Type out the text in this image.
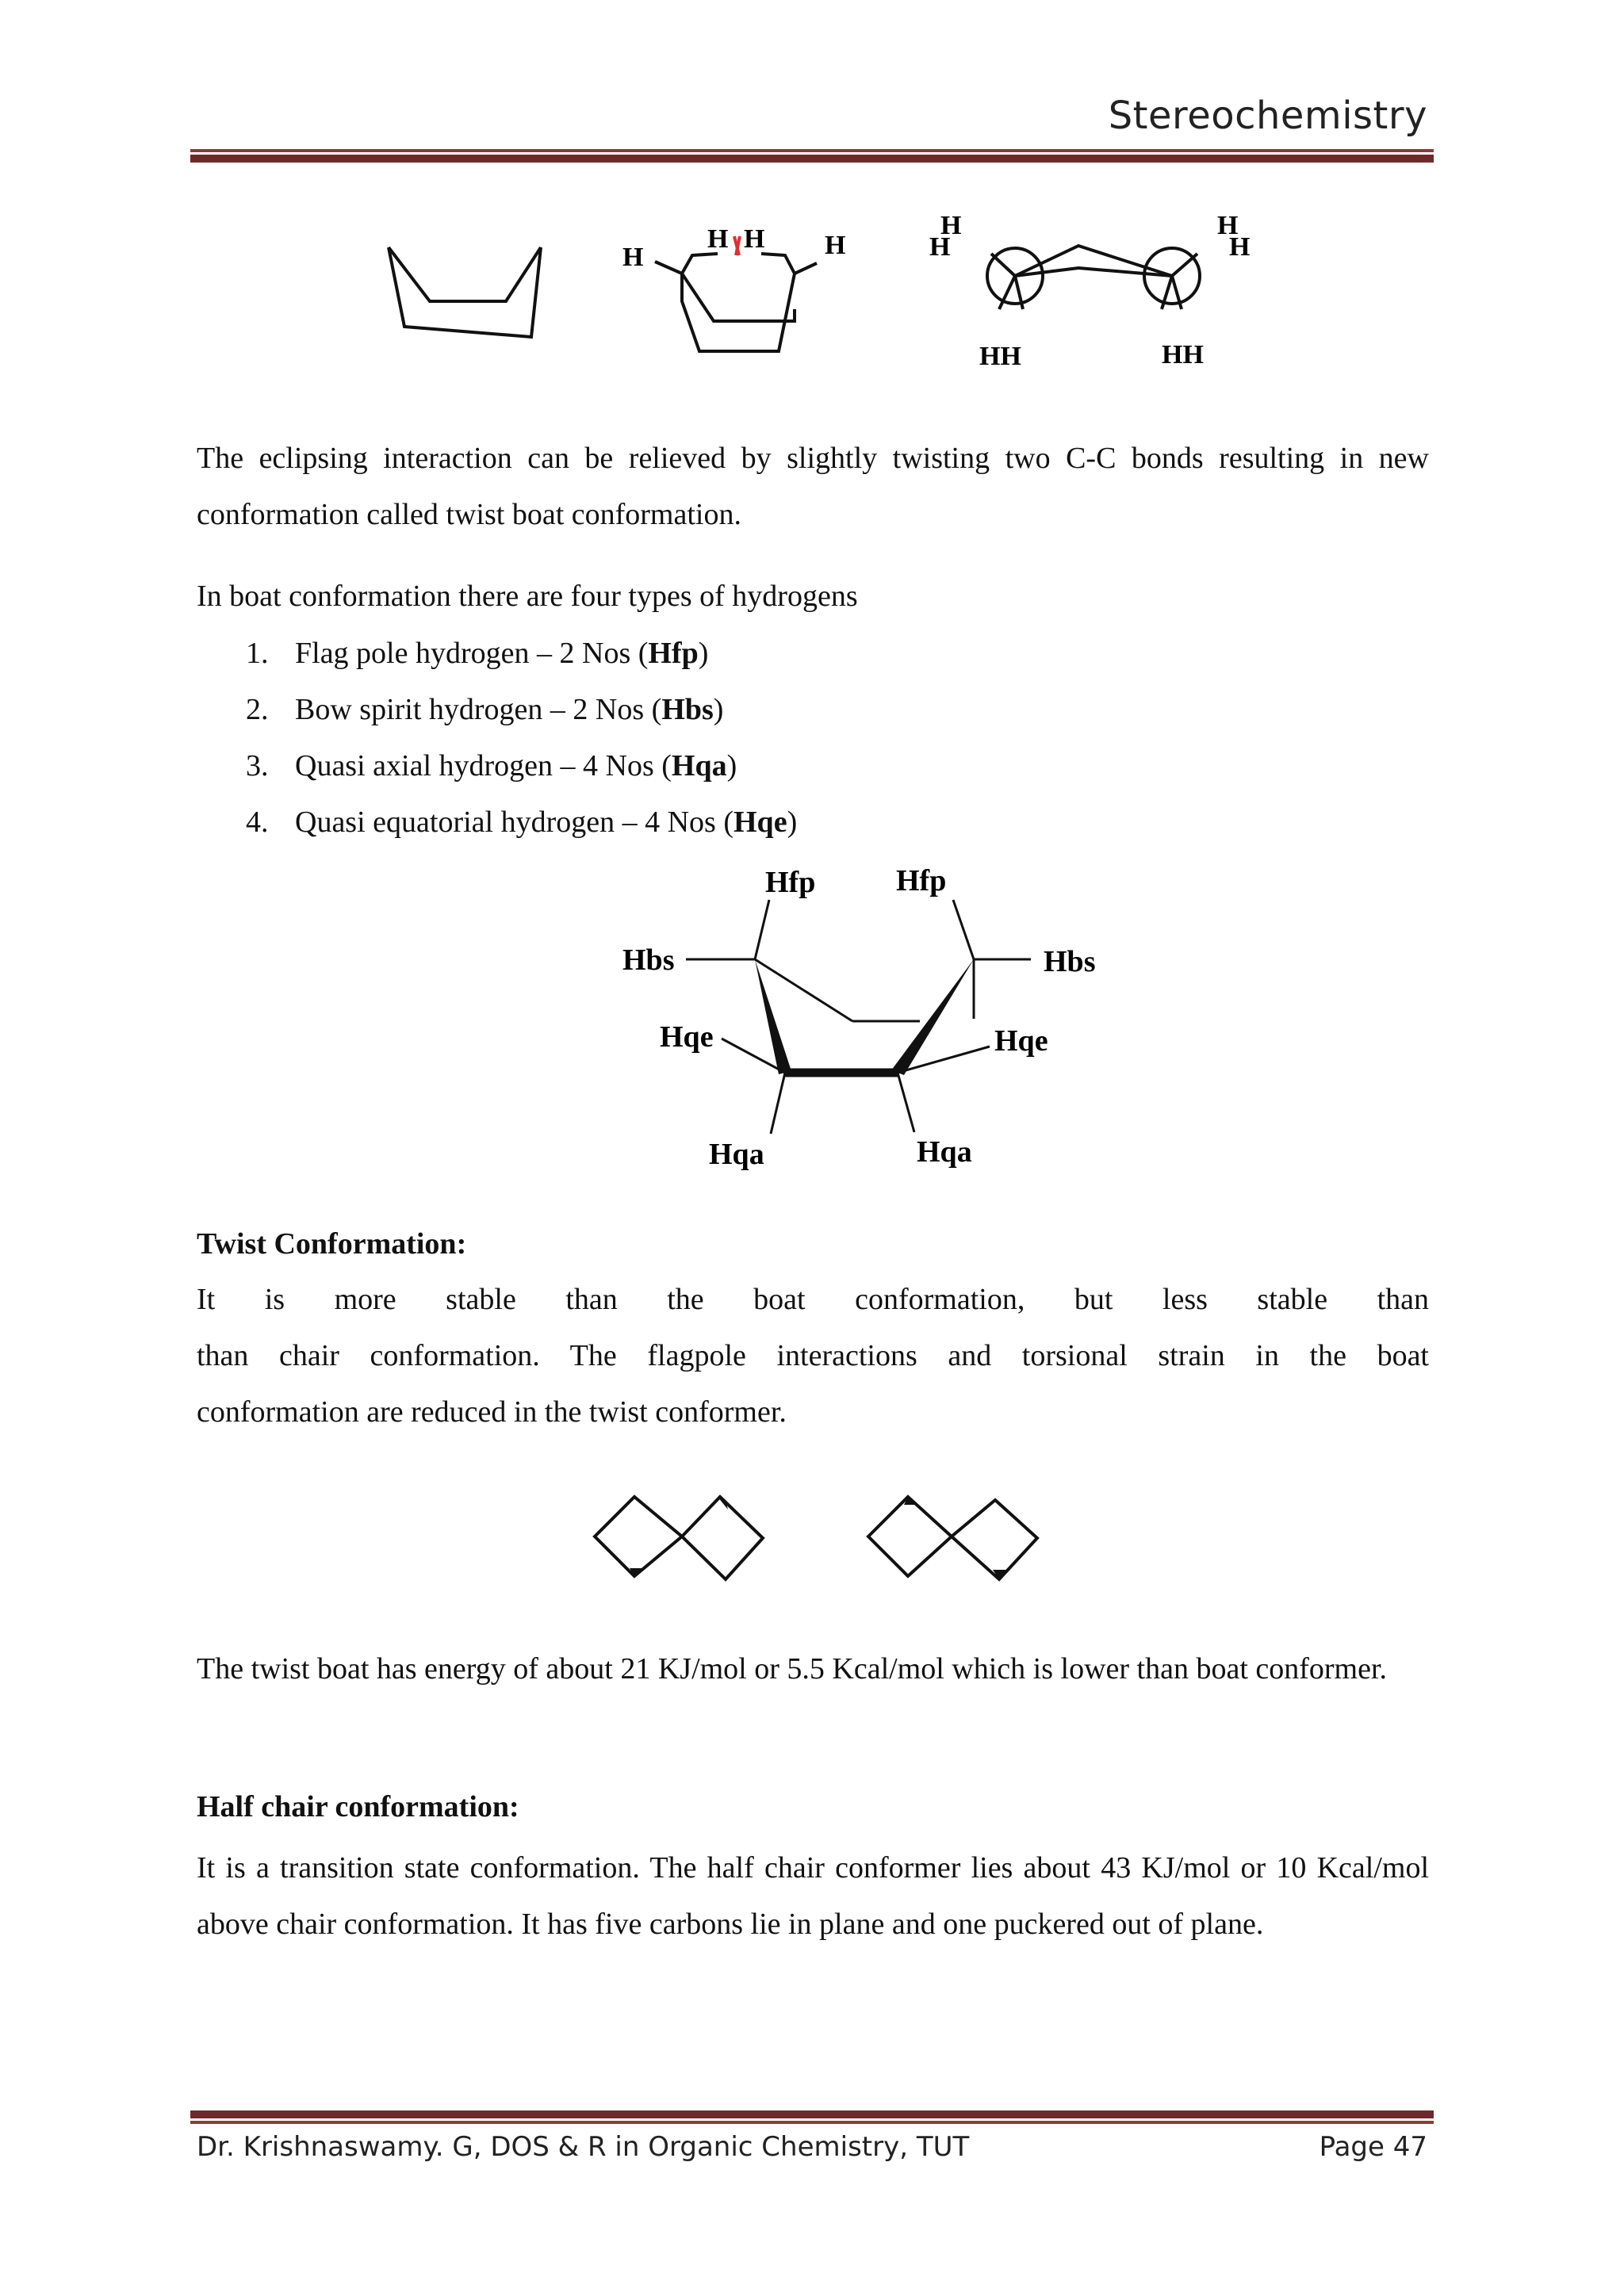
Stereochemistry
H
H H H
H
H
H
H
HH	HH
The eclipsing interaction can be relieved by slightly twisting two C-C bonds resulting in new conformation called twist boat conformation.
In boat conformation there are four types of hydrogens
1. Flag pole hydrogen – 2 Nos (Hfp)
2. Bow spirit hydrogen – 2 Nos (Hbs)
3. Quasi axial hydrogen – 4 Nos (Hqa)
4. Quasi equatorial hydrogen – 4 Nos (Hqe)
Hfp	Hfp
Hbs	Hbs
Hqe	Hqe
Hqa	Hqa
Twist Conformation:
It is more stable than the boat conformation, but less stable than
than chair conformation. The flagpole interactions and torsional strain in the boat
conformation are reduced in the twist conformer.
The twist boat has energy of about 21 KJ/mol or 5.5 Kcal/mol which is lower than boat conformer.
Half chair conformation:
It is a transition state conformation. The half chair conformer lies about 43 KJ/mol or 10 Kcal/mol above chair conformation. It has five carbons lie in plane and one puckered out of plane.
Dr. Krishnaswamy. G, DOS & R in Organic Chemistry, TUT	Page 47
